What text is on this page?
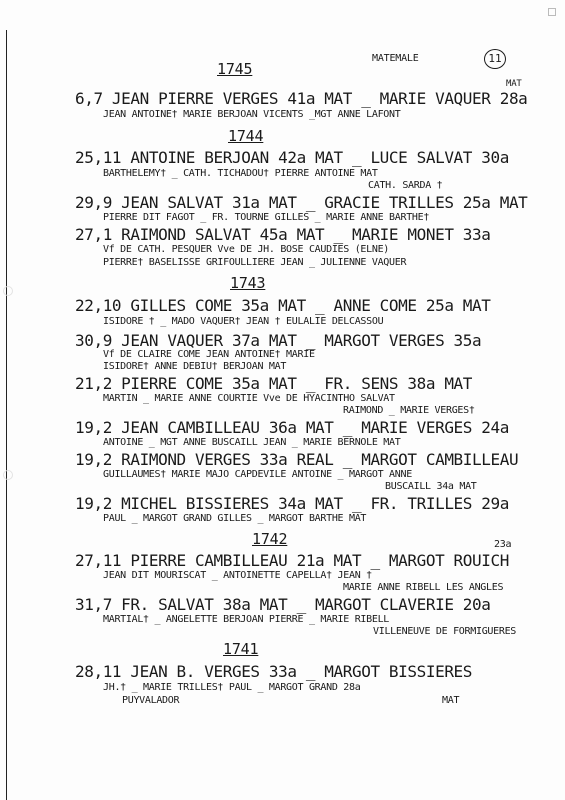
MATEMALE	11
1745
MAT
6,7 JEAN PIERRE VERGES 41a MAT _ MARIE VAQUER 28a
JEAN ANTOINE† MARIE BERJOAN VICENTS _MGT ANNE LAFONT
1744
25,11 ANTOINE BERJOAN 42a MAT _ LUCE SALVAT 30a
BARTHELEMY† _ CATH. TICHADOU† PIERRE ANTOINE MAT
CATH. SARDA †
29,9 JEAN SALVAT 31a MAT _ GRACIE TRILLES 25a MAT
PIERRE DIT FAGOT _ FR. TOURNE GILLES _ MARIE ANNE BARTHE†
27,1 RAIMOND SALVAT 45a MAT _ MARIE MONET 33a
Vf DE CATH. PESQUER Vve DE JH. BOSE CAUDIES (ELNE)
PIERRE† BASELISSE GRIFOULLIERE JEAN _ JULIENNE VAQUER
1743
22,10 GILLES COME 35a MAT _ ANNE COME 25a MAT
ISIDORE † _ MADO VAQUER† JEAN † EULALIE DELCASSOU
30,9 JEAN VAQUER 37a MAT _ MARGOT VERGES 35a
Vf DE CLAIRE COME JEAN ANTOINE† MARIE
ISIDORE† ANNE DEBIU† BERJOAN MAT
21,2 PIERRE COME 35a MAT _ FR. SENS 38a MAT
MARTIN _ MARIE ANNE COURTIE Vve DE HYACINTHO SALVAT
RAIMOND _ MARIE VERGES†
19,2 JEAN CAMBILLEAU 36a MAT _ MARIE VERGES 24a
ANTOINE _ MGT ANNE BUSCAILL JEAN _ MARIE BERNOLE MAT
19,2 RAIMOND VERGES 33a REAL _ MARGOT CAMBILLEAU
GUILLAUMES† MARIE MAJO CAPDEVILE ANTOINE _ MARGOT ANNE
BUSCAILL 34a MAT
19,2 MICHEL BISSIERES 34a MAT _ FR. TRILLES 29a
PAUL _ MARGOT GRAND GILLES _ MARGOT BARTHE MAT
1742	23a
27,11 PIERRE CAMBILLEAU 21a MAT _ MARGOT ROUICH
JEAN DIT MOURISCAT _ ANTOINETTE CAPELLA† JEAN †
MARIE ANNE RIBELL LES ANGLES
31,7 FR. SALVAT 38a MAT _ MARGOT CLAVERIE 20a
MARTIAL† _ ANGELETTE BERJOAN PIERRE _ MARIE RIBELL
VILLENEUVE DE FORMIGUERES
1741
28,11 JEAN B. VERGES 33a _ MARGOT BISSIERES
JH.† _ MARIE TRILLES† PAUL _ MARGOT GRAND 28a
PUYVALADOR	MAT
